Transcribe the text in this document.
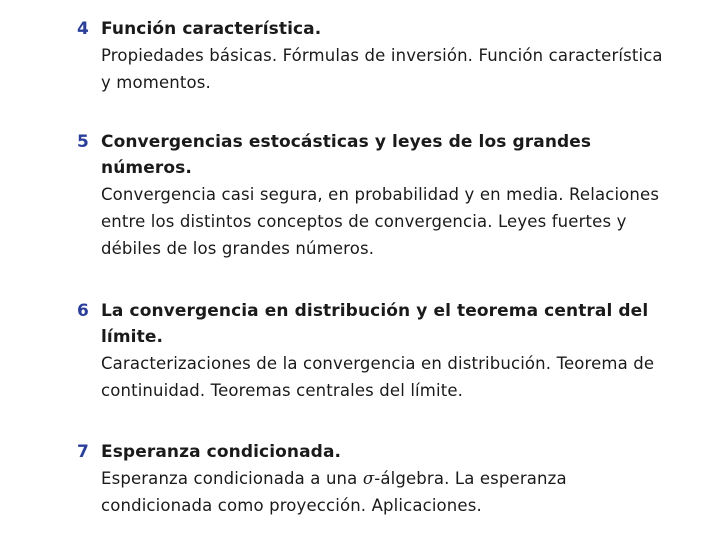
4 Función característica.
Propiedades básicas. Fórmulas de inversión. Función característica y momentos.
5 Convergencias estocásticas y leyes de los grandes números.
Convergencia casi segura, en probabilidad y en media. Relaciones entre los distintos conceptos de convergencia. Leyes fuertes y débiles de los grandes números.
6 La convergencia en distribución y el teorema central del límite.
Caracterizaciones de la convergencia en distribución. Teorema de continuidad. Teoremas centrales del límite.
7 Esperanza condicionada.
Esperanza condicionada a una σ-álgebra. La esperanza condicionada como proyección. Aplicaciones.
